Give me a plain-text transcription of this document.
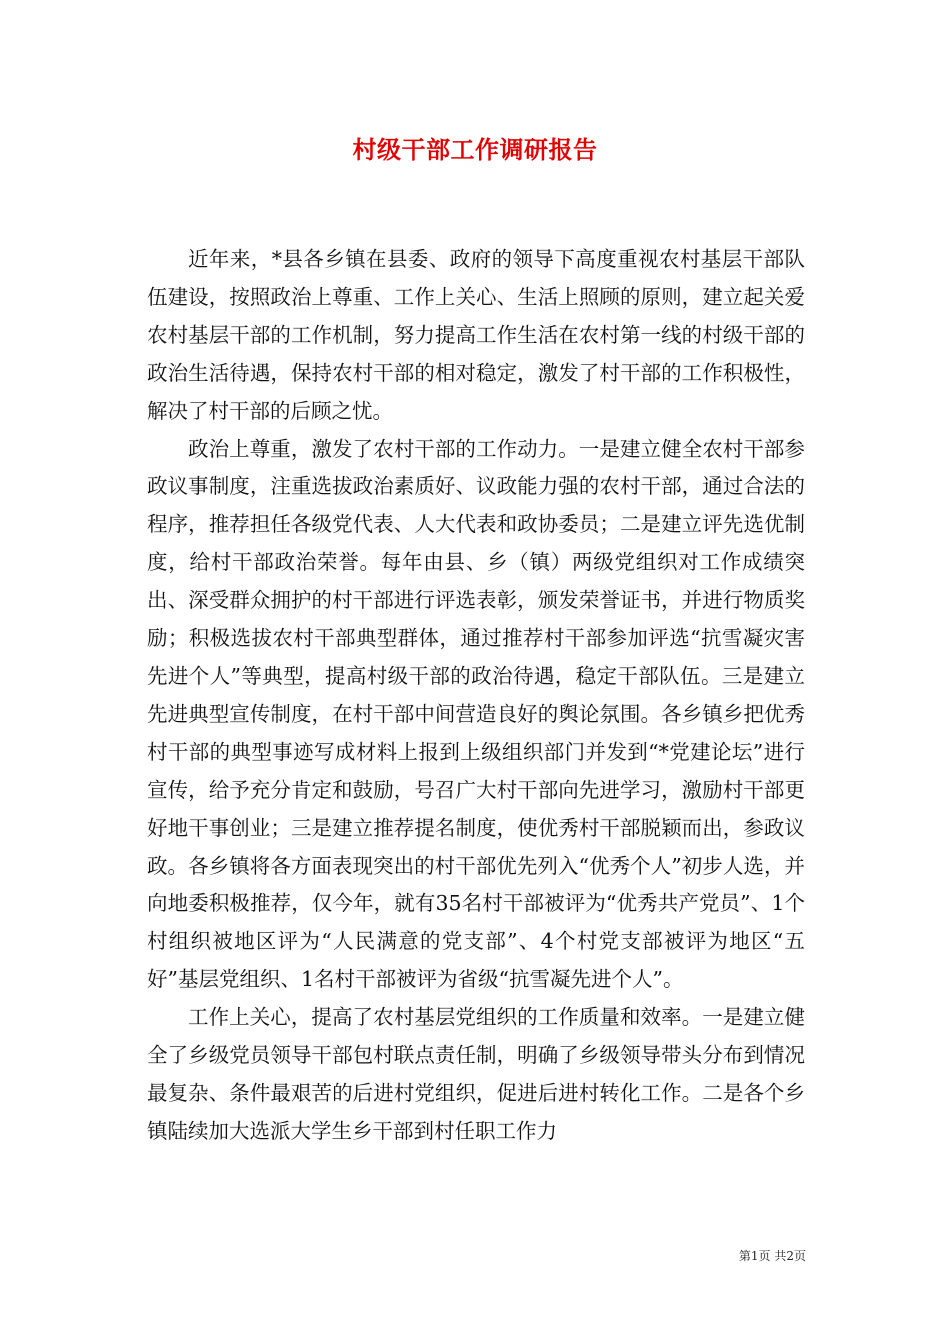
村级干部工作调研报告

近年来，*县各乡镇在县委、政府的领导下高度重视农村基层干部队伍建设，按照政治上尊重、工作上关心、生活上照顾的原则，建立起关爱农村基层干部的工作机制，努力提高工作生活在农村第一线的村级干部的政治生活待遇，保持农村干部的相对稳定，激发了村干部的工作积极性，解决了村干部的后顾之忧。

政治上尊重，激发了农村干部的工作动力。一是建立健全农村干部参政议事制度，注重选拔政治素质好、议政能力强的农村干部，通过合法的程序，推荐担任各级党代表、人大代表和政协委员；二是建立评先选优制度，给村干部政治荣誉。每年由县、乡（镇）两级党组织对工作成绩突出、深受群众拥护的村干部进行评选表彰，颁发荣誉证书，并进行物质奖励；积极选拔农村干部典型群体，通过推荐村干部参加评选“抗雪凝灾害先进个人”等典型，提高村级干部的政治待遇，稳定干部队伍。三是建立先进典型宣传制度，在村干部中间营造良好的舆论氛围。各乡镇乡把优秀村干部的典型事迹写成材料上报到上级组织部门并发到“*党建论坛”进行宣传，给予充分肯定和鼓励，号召广大村干部向先进学习，激励村干部更好地干事创业；三是建立推荐提名制度，使优秀村干部脱颖而出，参政议政。各乡镇将各方面表现突出的村干部优先列入“优秀个人”初步人选，并向地委积极推荐，仅今年，就有35名村干部被评为“优秀共产党员”、1个村组织被地区评为“人民满意的党支部”、4个村党支部被评为地区“五好”基层党组织、1名村干部被评为省级“抗雪凝先进个人”。

工作上关心，提高了农村基层党组织的工作质量和效率。一是建立健全了乡级党员领导干部包村联点责任制，明确了乡级领导带头分布到情况最复杂、条件最艰苦的后进村党组织，促进后进村转化工作。二是各个乡镇陆续加大选派大学生乡干部到村任职工作力

第1页 共2页
